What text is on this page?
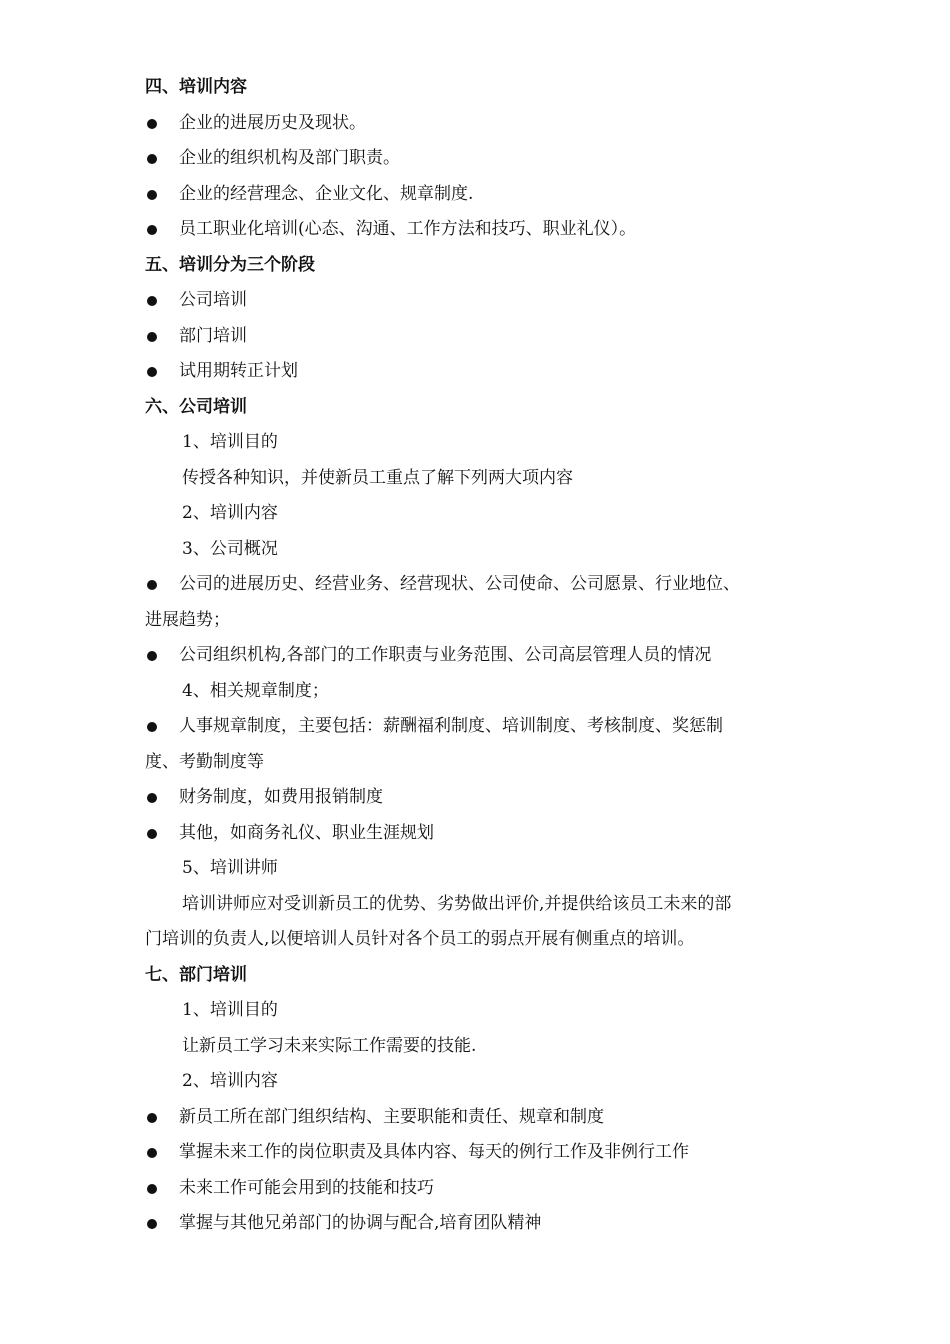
四、培训内容
企业的进展历史及现状。
企业的组织机构及部门职责。
企业的经营理念、企业文化、规章制度.
员工职业化培训(心态、沟通、工作方法和技巧、职业礼仪）。
五、培训分为三个阶段
公司培训
部门培训
试用期转正计划
六、公司培训
1、培训目的
传授各种知识，并使新员工重点了解下列两大项内容
2、培训内容
3、公司概况
公司的进展历史、经营业务、经营现状、公司使命、公司愿景、行业地位、
进展趋势；
公司组织机构,各部门的工作职责与业务范围、公司高层管理人员的情况
4、相关规章制度；
人事规章制度，主要包括：薪酬福利制度、培训制度、考核制度、奖惩制
度、考勤制度等
财务制度，如费用报销制度
其他，如商务礼仪、职业生涯规划
5、培训讲师
培训讲师应对受训新员工的优势、劣势做出评价,并提供给该员工未来的部
门培训的负责人,以便培训人员针对各个员工的弱点开展有侧重点的培训。
七、部门培训
1、培训目的
让新员工学习未来实际工作需要的技能.
2、培训内容
新员工所在部门组织结构、主要职能和责任、规章和制度
掌握未来工作的岗位职责及具体内容、每天的例行工作及非例行工作
未来工作可能会用到的技能和技巧
掌握与其他兄弟部门的协调与配合,培育团队精神
